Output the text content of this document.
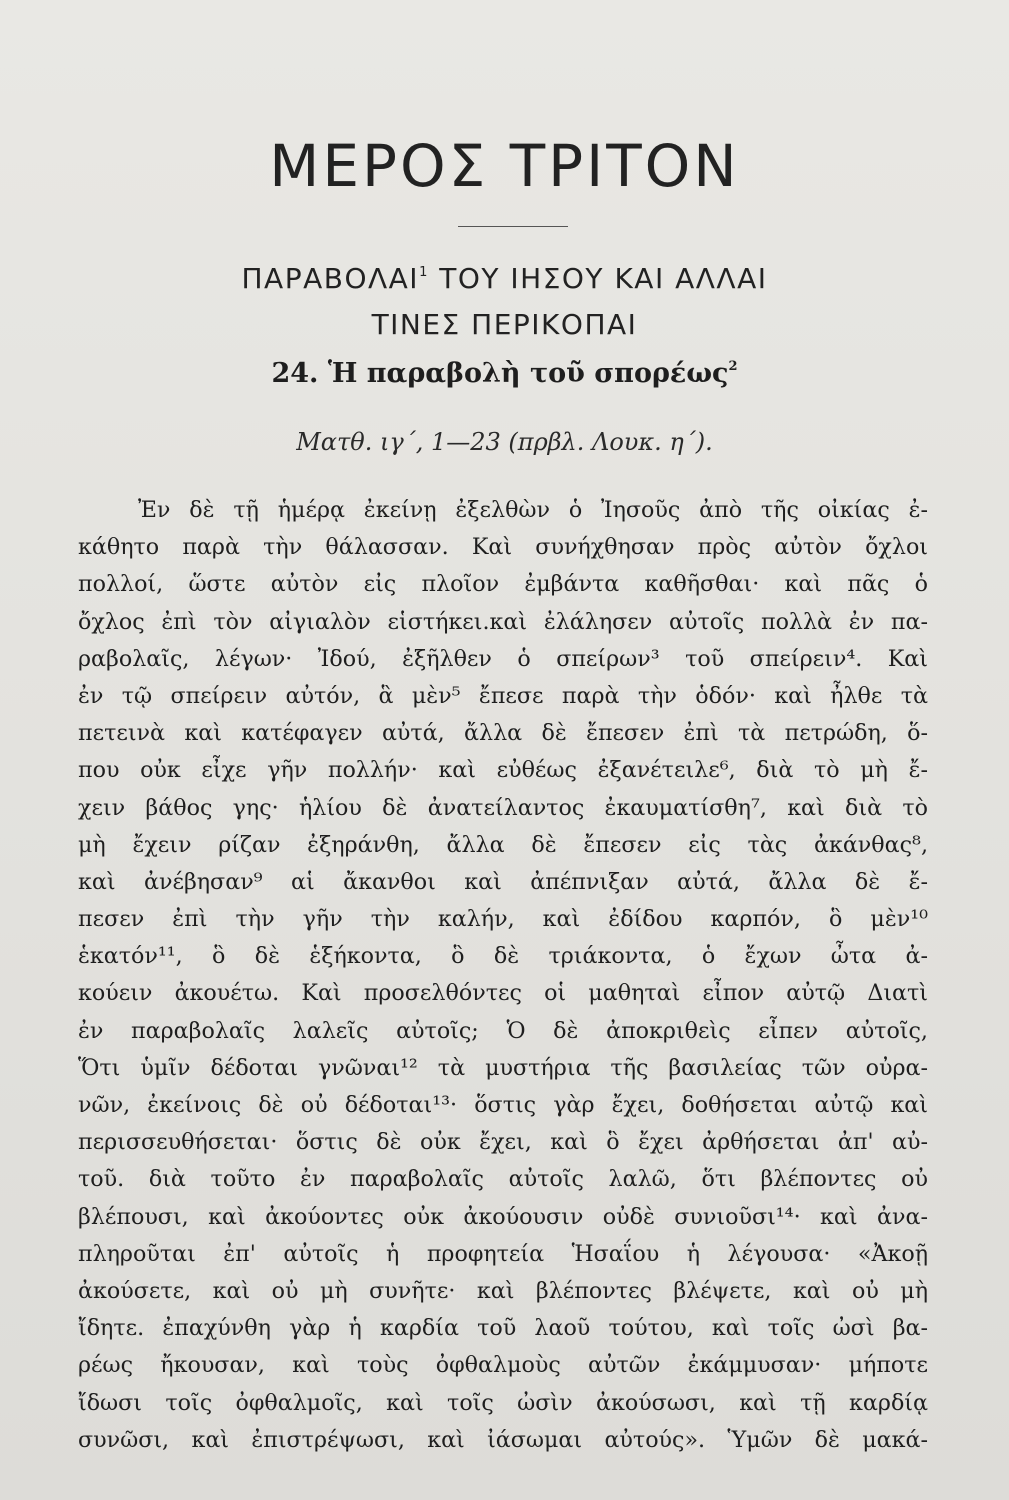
ΜΕΡΟΣ ΤΡΙΤΟΝ
ΠΑΡΑΒΟΛΑΙ$^1$ ΤΟΥ ΙΗΣΟΥ ΚΑΙ ΑΛΛΑΙ
ΤΙΝΕΣ ΠΕΡΙΚΟΠΑΙ
24. Ἡ παραβολὴ τοῦ σπορέως$^2$
Ματθ. ιγ΄, 1—23 (πρβλ. Λουκ. η΄).
Ἐν δὲ τῇ ἡμέρᾳ ἐκείνῃ ἐξελθὼν ὁ Ἰησοῦς ἀπὸ τῆς οἰκίας ἐ-
κάθητο παρὰ τὴν θάλασσαν. Καὶ συνήχθησαν πρὸς αὐτὸν ὄχλοι
πολλοί, ὥστε αὐτὸν εἰς πλοῖον ἐμβάντα καθῆσθαι· καὶ πᾶς ὁ
ὄχλος ἐπὶ τὸν αἰγιαλὸν εἱστήκει.καὶ ἐλάλησεν αὐτοῖς πολλὰ ἐν πα-
ραβολαῖς, λέγων· Ἰδού, ἐξῆλθεν ὁ σπείρων³ τοῦ σπείρειν⁴. Καὶ
ἐν τῷ σπείρειν αὐτόν, ἃ μὲν⁵ ἔπεσε παρὰ τὴν ὁδόν· καὶ ἦλθε τὰ
πετεινὰ καὶ κατέφαγεν αὐτά, ἄλλα δὲ ἔπεσεν ἐπὶ τὰ πετρώδη, ὅ-
που οὐκ εἶχε γῆν πολλήν· καὶ εὐθέως ἐξανέτειλε⁶, διὰ τὸ μὴ ἔ-
χειν βάθος γης· ἡλίου δὲ ἀνατείλαντος ἐκαυματίσθη⁷, καὶ διὰ τὸ
μὴ ἔχειν ρίζαν ἐξηράνθη, ἄλλα δὲ ἔπεσεν εἰς τὰς ἀκάνθας⁸,
καὶ ἀνέβησαν⁹ αἱ ἄκανθοι καὶ ἀπέπνιξαν αὐτά, ἄλλα δὲ ἔ-
πεσεν ἐπὶ τὴν γῆν τὴν καλήν, καὶ ἐδίδου καρπόν, ὃ μὲν¹⁰
ἑκατόν¹¹, ὃ δὲ ἑξήκοντα, ὃ δὲ τριάκοντα, ὁ ἔχων ὦτα ἀ-
κούειν ἀκουέτω. Καὶ προσελθόντες οἱ μαθηταὶ εἶπον αὐτῷ Διατὶ
ἐν παραβολαῖς λαλεῖς αὐτοῖς; Ὁ δὲ ἀποκριθεὶς εἶπεν αὐτοῖς,
Ὅτι ὑμῖν δέδοται γνῶναι¹² τὰ μυστήρια τῆς βασιλείας τῶν οὐρα-
νῶν, ἐκείνοις δὲ οὐ δέδοται¹³· ὅστις γὰρ ἔχει, δοθήσεται αὐτῷ καὶ
περισσευθήσεται· ὅστις δὲ οὐκ ἔχει, καὶ ὃ ἔχει ἀρθήσεται ἀπ' αὐ-
τοῦ. διὰ τοῦτο ἐν παραβολαῖς αὐτοῖς λαλῶ, ὅτι βλέποντες οὐ
βλέπουσι, καὶ ἀκούοντες οὐκ ἀκούουσιν οὐδὲ συνιοῦσι¹⁴· καὶ ἀνα-
πληροῦται ἐπ' αὐτοῖς ἡ προφητεία Ἡσαΐου ἡ λέγουσα· «Ἀκοῇ
ἀκούσετε, καὶ οὐ μὴ συνῆτε· καὶ βλέποντες βλέψετε, καὶ οὐ μὴ
ἴδητε. ἐπαχύνθη γὰρ ἡ καρδία τοῦ λαοῦ τούτου, καὶ τοῖς ὠσὶ βα-
ρέως ἤκουσαν, καὶ τοὺς ὀφθαλμοὺς αὐτῶν ἐκάμμυσαν· μήποτε
ἴδωσι τοῖς ὀφθαλμοῖς, καὶ τοῖς ὠσὶν ἀκούσωσι, καὶ τῇ καρδίᾳ
συνῶσι, καὶ ἐπιστρέψωσι, καὶ ἰάσωμαι αὐτούς». Ὑμῶν δὲ μακά-
